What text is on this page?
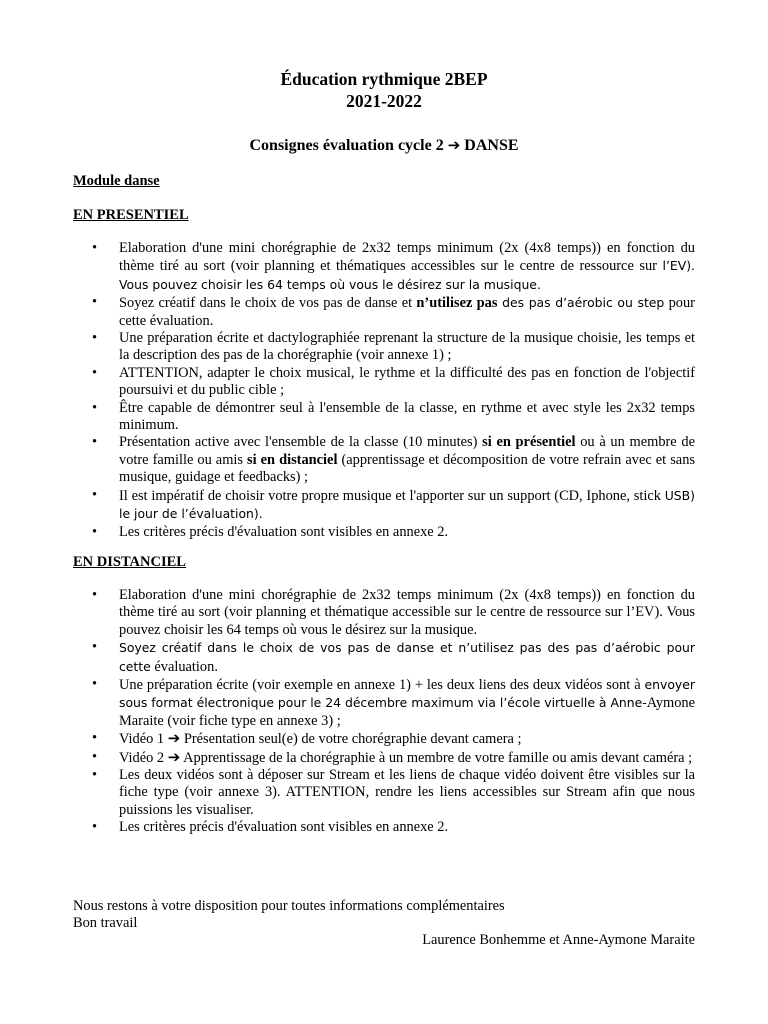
Éducation rythmique 2BEP
2021-2022
Consignes évaluation cycle 2 ➔ DANSE
Module danse
EN PRESENTIEL
• Elaboration d'une mini chorégraphie de 2x32 temps minimum (2x (4x8 temps)) en fonction du thème tiré au sort (voir planning et thématiques accessibles sur le centre de ressource sur l’EV). Vous pouvez choisir les 64 temps où vous le désirez sur la musique.
• Soyez créatif dans le choix de vos pas de danse et n’utilisez pas des pas d’aérobic ou step pour cette évaluation.
• Une préparation écrite et dactylographiée reprenant la structure de la musique choisie, les temps et la description des pas de la chorégraphie (voir annexe 1) ;
• ATTENTION, adapter le choix musical, le rythme et la difficulté des pas en fonction de l'objectif poursuivi et du public cible ;
• Être capable de démontrer seul à l'ensemble de la classe, en rythme et avec style les 2x32 temps minimum.
• Présentation active avec l'ensemble de la classe (10 minutes) si en présentiel ou à un membre de votre famille ou amis si en distanciel (apprentissage et décomposition de votre refrain avec et sans musique, guidage et feedbacks) ;
• Il est impératif de choisir votre propre musique et l'apporter sur un support (CD, Iphone, stick USB) le jour de l’évaluation).
• Les critères précis d'évaluation sont visibles en annexe 2.
EN DISTANCIEL
• Elaboration d'une mini chorégraphie de 2x32 temps minimum (2x (4x8 temps)) en fonction du thème tiré au sort (voir planning et thématique accessible sur le centre de ressource sur l’EV). Vous pouvez choisir les 64 temps où vous le désirez sur la musique.
• Soyez créatif dans le choix de vos pas de danse et n’utilisez pas des pas d’aérobic pour cette évaluation.
• Une préparation écrite (voir exemple en annexe 1) + les deux liens des deux vidéos sont à envoyer sous format électronique pour le 24 décembre maximum via l’école virtuelle à Anne-Aymone Maraite (voir fiche type en annexe 3) ;
• Vidéo 1 ➔ Présentation seul(e) de votre chorégraphie devant camera ;
• Vidéo 2 ➔ Apprentissage de la chorégraphie à un membre de votre famille ou amis devant caméra ;
• Les deux vidéos sont à déposer sur Stream et les liens de chaque vidéo doivent être visibles sur la fiche type (voir annexe 3). ATTENTION, rendre les liens accessibles sur Stream afin que nous puissions les visualiser.
• Les critères précis d'évaluation sont visibles en annexe 2.
Nous restons à votre disposition pour toutes informations complémentaires
Bon travail
Laurence Bonhemme et Anne-Aymone Maraite
